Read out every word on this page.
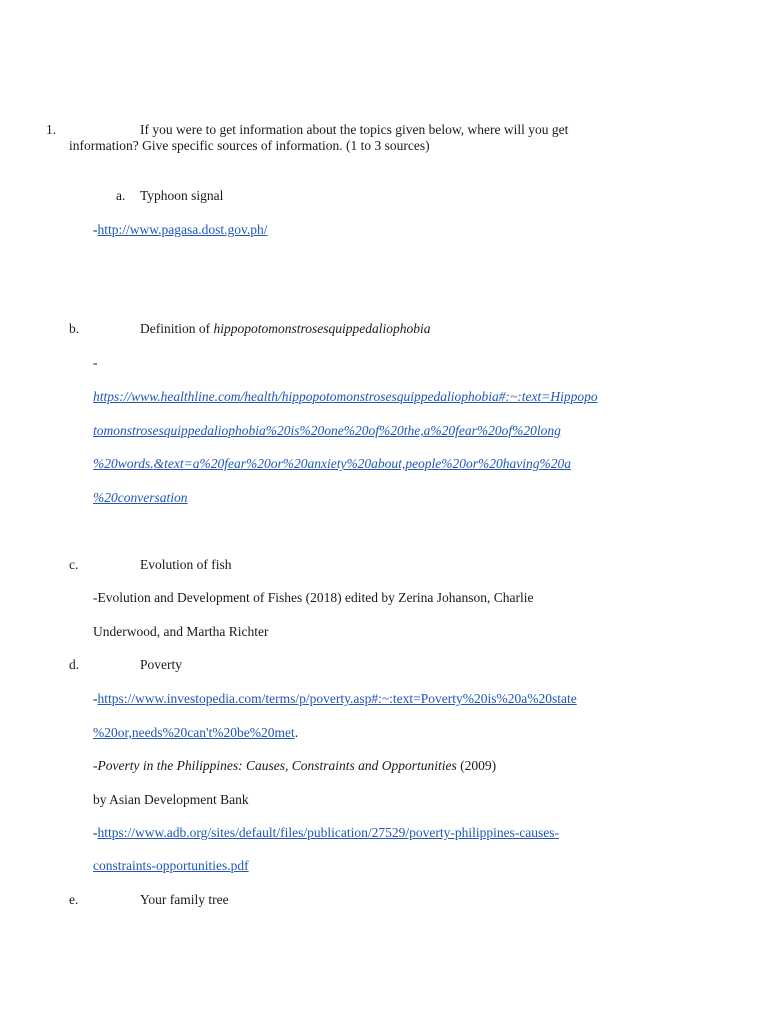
1.	If you were to get information about the topics given below, where will you get
information? Give specific sources of information. (1 to 3 sources)
a. Typhoon signal
-http://www.pagasa.dost.gov.ph/
b.	Definition of hippopotomonstrosesquippedaliophobia
-
https://www.healthline.com/health/hippopotomonstrosesquippedaliophobia#:~:text=Hippopo
tomonstrosesquippedaliophobia%20is%20one%20of%20the,a%20fear%20of%20long
%20words.&text=a%20fear%20or%20anxiety%20about,people%20or%20having%20a
%20conversation
c.	Evolution of fish
-Evolution and Development of Fishes (2018) edited by Zerina Johanson, Charlie
Underwood, and Martha Richter
d.	Poverty
-https://www.investopedia.com/terms/p/poverty.asp#:~:text=Poverty%20is%20a%20state
%20or,needs%20can't%20be%20met.
-Poverty in the Philippines: Causes, Constraints and Opportunities (2009)
by Asian Development Bank
-https://www.adb.org/sites/default/files/publication/27529/poverty-philippines-causes-
constraints-opportunities.pdf
e.	Your family tree
